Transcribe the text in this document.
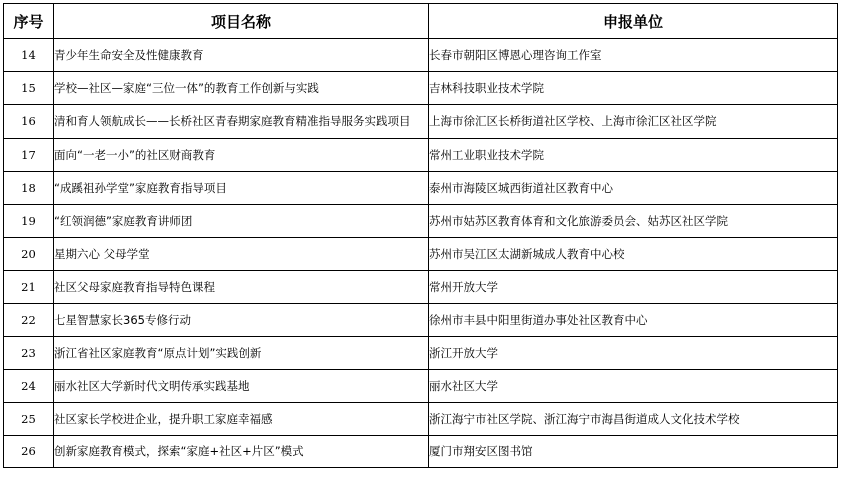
序号	项目名称	申报单位
14	青少年生命安全及性健康教育	长春市朝阳区博恩心理咨询工作室
15	学校—社区—家庭“三位一体”的教育工作创新与实践	吉林科技职业技术学院
16	清和育人领航成长——长桥社区青春期家庭教育精准指导服务实践项目	上海市徐汇区长桥街道社区学校、上海市徐汇区社区学院
17	面向“一老一小”的社区财商教育	常州工业职业技术学院
18	“成蹊祖孙学堂”家庭教育指导项目	泰州市海陵区城西街道社区教育中心
19	“红领润德”家庭教育讲师团	苏州市姑苏区教育体育和文化旅游委员会、姑苏区社区学院
20	星期六心 父母学堂	苏州市吴江区太湖新城成人教育中心校
21	社区父母家庭教育指导特色课程	常州开放大学
22	七星智慧家长365专修行动	徐州市丰县中阳里街道办事处社区教育中心
23	浙江省社区家庭教育“原点计划”实践创新	浙江开放大学
24	丽水社区大学新时代文明传承实践基地	丽水社区大学
25	社区家长学校进企业，提升职工家庭幸福感	浙江海宁市社区学院、浙江海宁市海昌街道成人文化技术学校
26	创新家庭教育模式，探索“家庭+社区+片区”模式	厦门市翔安区图书馆
